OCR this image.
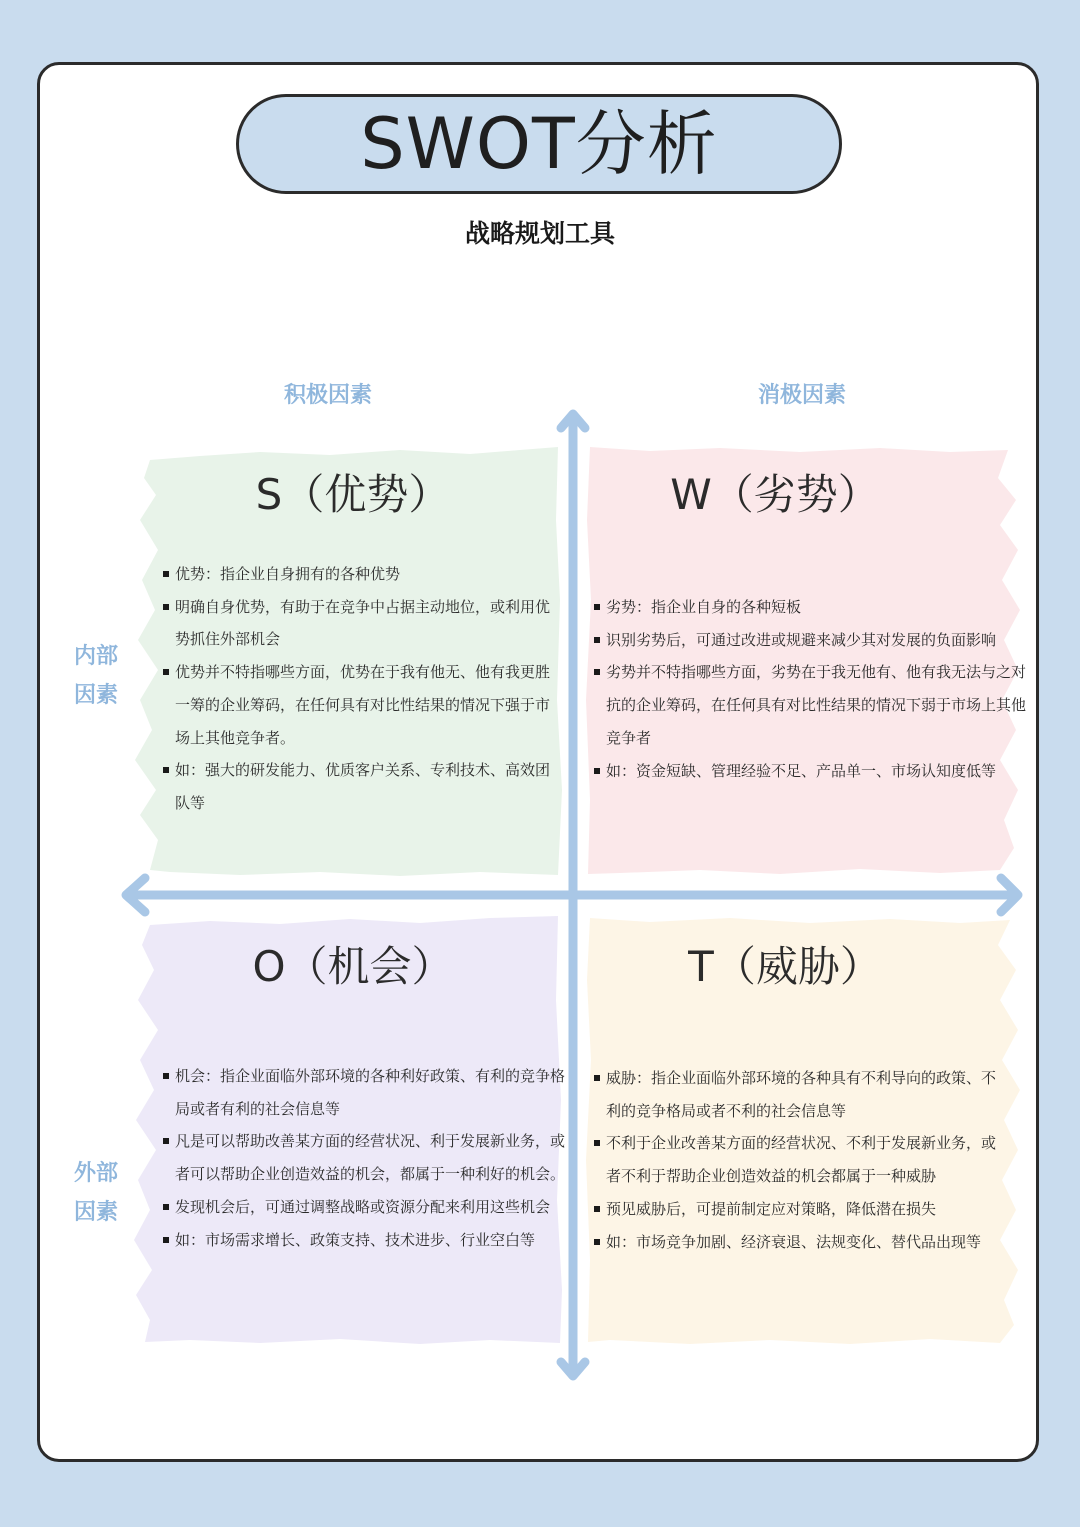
SWOT分析
战略规划工具
积极因素	消极因素
内部
因素
外部
因素
S（优势）
优势：指企业自身拥有的各种优势
明确自身优势，有助于在竞争中占据主动地位，或利用优势抓住外部机会
优势并不特指哪些方面，优势在于我有他无、他有我更胜一筹的企业筹码，在任何具有对比性结果的情况下强于市场上其他竞争者。
如：强大的研发能力、优质客户关系、专利技术、高效团队等
W（劣势）
劣势：指企业自身的各种短板
识别劣势后，可通过改进或规避来减少其对发展的负面影响
劣势并不特指哪些方面，劣势在于我无他有、他有我无法与之对抗的企业筹码，在任何具有对比性结果的情况下弱于市场上其他竞争者
如：资金短缺、管理经验不足、产品单一、市场认知度低等
O（机会）
机会：指企业面临外部环境的各种利好政策、有利的竞争格局或者有利的社会信息等
凡是可以帮助改善某方面的经营状况、利于发展新业务，或者可以帮助企业创造效益的机会，都属于一种利好的机会。
发现机会后，可通过调整战略或资源分配来利用这些机会
如：市场需求增长、政策支持、技术进步、行业空白等
T（威胁）
威胁：指企业面临外部环境的各种具有不利导向的政策、不利的竞争格局或者不利的社会信息等
不利于企业改善某方面的经营状况、不利于发展新业务，或者不利于帮助企业创造效益的机会都属于一种威胁
预见威胁后，可提前制定应对策略，降低潜在损失
如：市场竞争加剧、经济衰退、法规变化、替代品出现等
